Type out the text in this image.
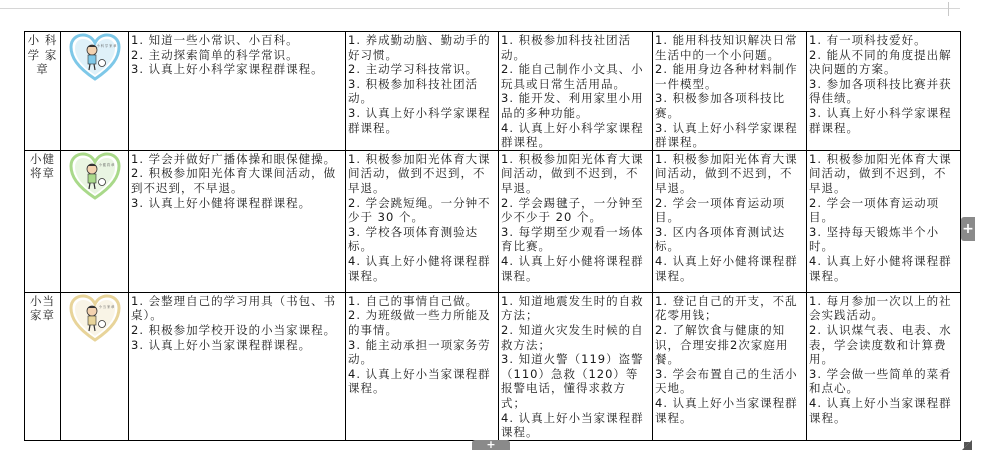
小 科
学 家
章	小科学家章	1. 知道一些小常识、小百科。
2. 主动探索简单的科学常识。
3. 认真上好小科学家课程群课程。	1. 养成勤动脑、勤动手的好习惯。
2. 主动学习科技常识。
3. 积极参加科技社团活动。
3. 认真上好小科学家课程群课程。	1. 积极参加科技社团活动。
2. 能自己制作小文具、小玩具或日常生活用品。
3. 能开发、利用家里小用品的多种功能。
4. 认真上好小科学家课程群课程。	1. 能用科技知识解决日常生活中的一个小问题。
2. 能用身边各种材料制作一件模型。
3. 积极参加各项科技比赛。
3. 认真上好小科学家课程群课程。	1. 有一项科技爱好。
2. 能从不同的角度提出解决问题的方案。
3. 参加各项科技比赛并获得佳绩。
3. 认真上好小科学家课程群课程。

小健
将章	小健将章	1. 学会并做好广播体操和眼保健操。
2. 积极参加阳光体育大课间活动，做到不迟到，不早退。
3. 认真上好小健将课程群课程。	1. 积极参加阳光体育大课间活动，做到不迟到，不早退。
2. 学会跳短绳。一分钟不少于 30 个。
3. 学校各项体育测验达标。
4. 认真上好小健将课程群课程。	1. 积极参加阳光体育大课间活动，做到不迟到，不早退。
2. 学会踢毽子，一分钟至少不少于 20 个。
3. 每学期至少观看一场体育比赛。
4. 认真上好小健将课程群课程。	1. 积极参加阳光体育大课间活动，做到不迟到，不早退。
2. 学会一项体育运动项目。
3. 区内各项体育测试达标。
4. 认真上好小健将课程群课程。	1. 积极参加阳光体育大课间活动，做到不迟到，不早退。
2. 学会一项体育运动项目。
3. 坚持每天锻炼半个小时。
4. 认真上好小健将课程群课程。

小当
家章	小当家章	1. 会整理自己的学习用具（书包、书桌）。
2. 积极参加学校开设的小当家课程。
3. 认真上好小当家课程群课程。	1. 自己的事情自己做。
2. 为班级做一些力所能及的事情。
3. 能主动承担一项家务劳动。
4. 认真上好小当家课程群课程。	1. 知道地震发生时的自救方法；
2. 知道火灾发生时候的自救方法；
3. 知道火警（119）盗警（110）急救（120）等报警电话，懂得求救方式；
4. 认真上好小当家课程群课程。	1. 登记自己的开支，不乱花零用钱；
2. 了解饮食与健康的知识，合理安排2次家庭用餐。
3. 学会布置自己的生活小天地。
4. 认真上好小当家课程群课程。	1. 每月参加一次以上的社会实践活动。
2. 认识煤气表、电表、水表，学会读度数和计算费用。
3. 学会做一些简单的菜肴和点心。
4. 认真上好小当家课程群课程。
+
+
